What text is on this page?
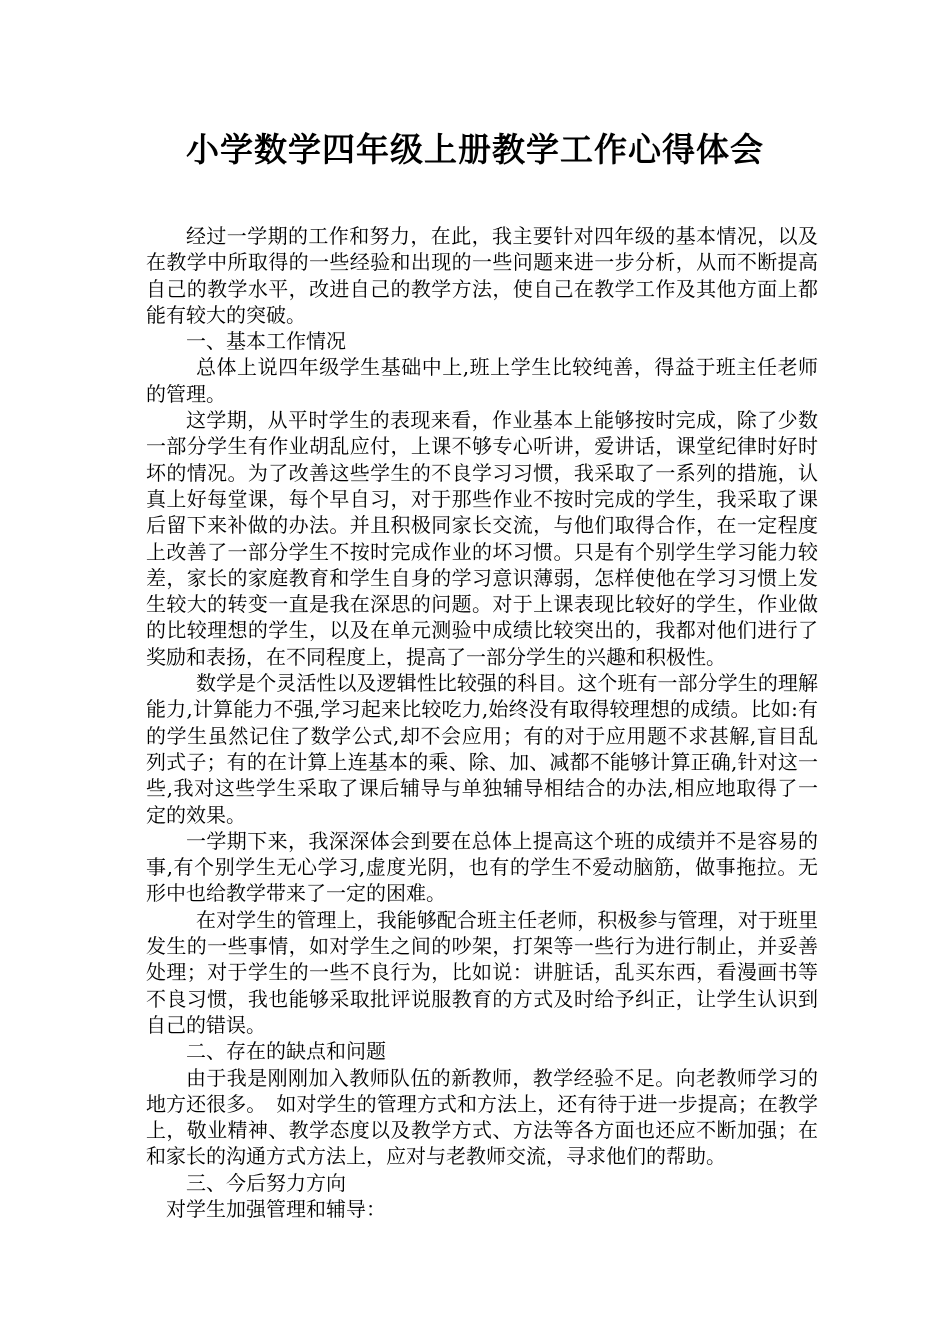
小学数学四年级上册教学工作心得体会

经过一学期的工作和努力，在此，我主要针对四年级的基本情况，以及在教学中所取得的一些经验和出现的一些问题来进一步分析，从而不断提高自己的教学水平，改进自己的教学方法，使自己在教学工作及其他方面上都能有较大的突破。

一、基本工作情况

总体上说四年级学生基础中上,班上学生比较纯善，得益于班主任老师的管理。

这学期，从平时学生的表现来看，作业基本上能够按时完成，除了少数一部分学生有作业胡乱应付，上课不够专心听讲，爱讲话，课堂纪律时好时坏的情况。为了改善这些学生的不良学习习惯，我采取了一系列的措施，认真上好每堂课，每个早自习，对于那些作业不按时完成的学生，我采取了课后留下来补做的办法。并且积极同家长交流，与他们取得合作，在一定程度上改善了一部分学生不按时完成作业的坏习惯。只是有个别学生学习能力较差，家长的家庭教育和学生自身的学习意识薄弱，怎样使他在学习习惯上发生较大的转变一直是我在深思的问题。对于上课表现比较好的学生，作业做的比较理想的学生，以及在单元测验中成绩比较突出的，我都对他们进行了奖励和表扬，在不同程度上，提高了一部分学生的兴趣和积极性。

数学是个灵活性以及逻辑性比较强的科目。这个班有一部分学生的理解能力,计算能力不强,学习起来比较吃力,始终没有取得较理想的成绩。比如:有的学生虽然记住了数学公式,却不会应用；有的对于应用题不求甚解,盲目乱列式子；有的在计算上连基本的乘、除、加、减都不能够计算正确,针对这一些,我对这些学生采取了课后辅导与单独辅导相结合的办法,相应地取得了一定的效果。

一学期下来，我深深体会到要在总体上提高这个班的成绩并不是容易的事,有个别学生无心学习,虚度光阴，也有的学生不爱动脑筋，做事拖拉。无形中也给教学带来了一定的困难。

在对学生的管理上，我能够配合班主任老师，积极参与管理，对于班里发生的一些事情，如对学生之间的吵架，打架等一些行为进行制止，并妥善处理；对于学生的一些不良行为，比如说：讲脏话，乱买东西，看漫画书等不良习惯，我也能够采取批评说服教育的方式及时给予纠正，让学生认识到自己的错误。

二、存在的缺点和问题

由于我是刚刚加入教师队伍的新教师，教学经验不足。向老教师学习的地方还很多。　如对学生的管理方式和方法上，还有待于进一步提高；在教学上，敬业精神、教学态度以及教学方式、方法等各方面也还应不断加强；在和家长的沟通方式方法上，应对与老教师交流，寻求他们的帮助。

三、今后努力方向

对学生加强管理和辅导：
